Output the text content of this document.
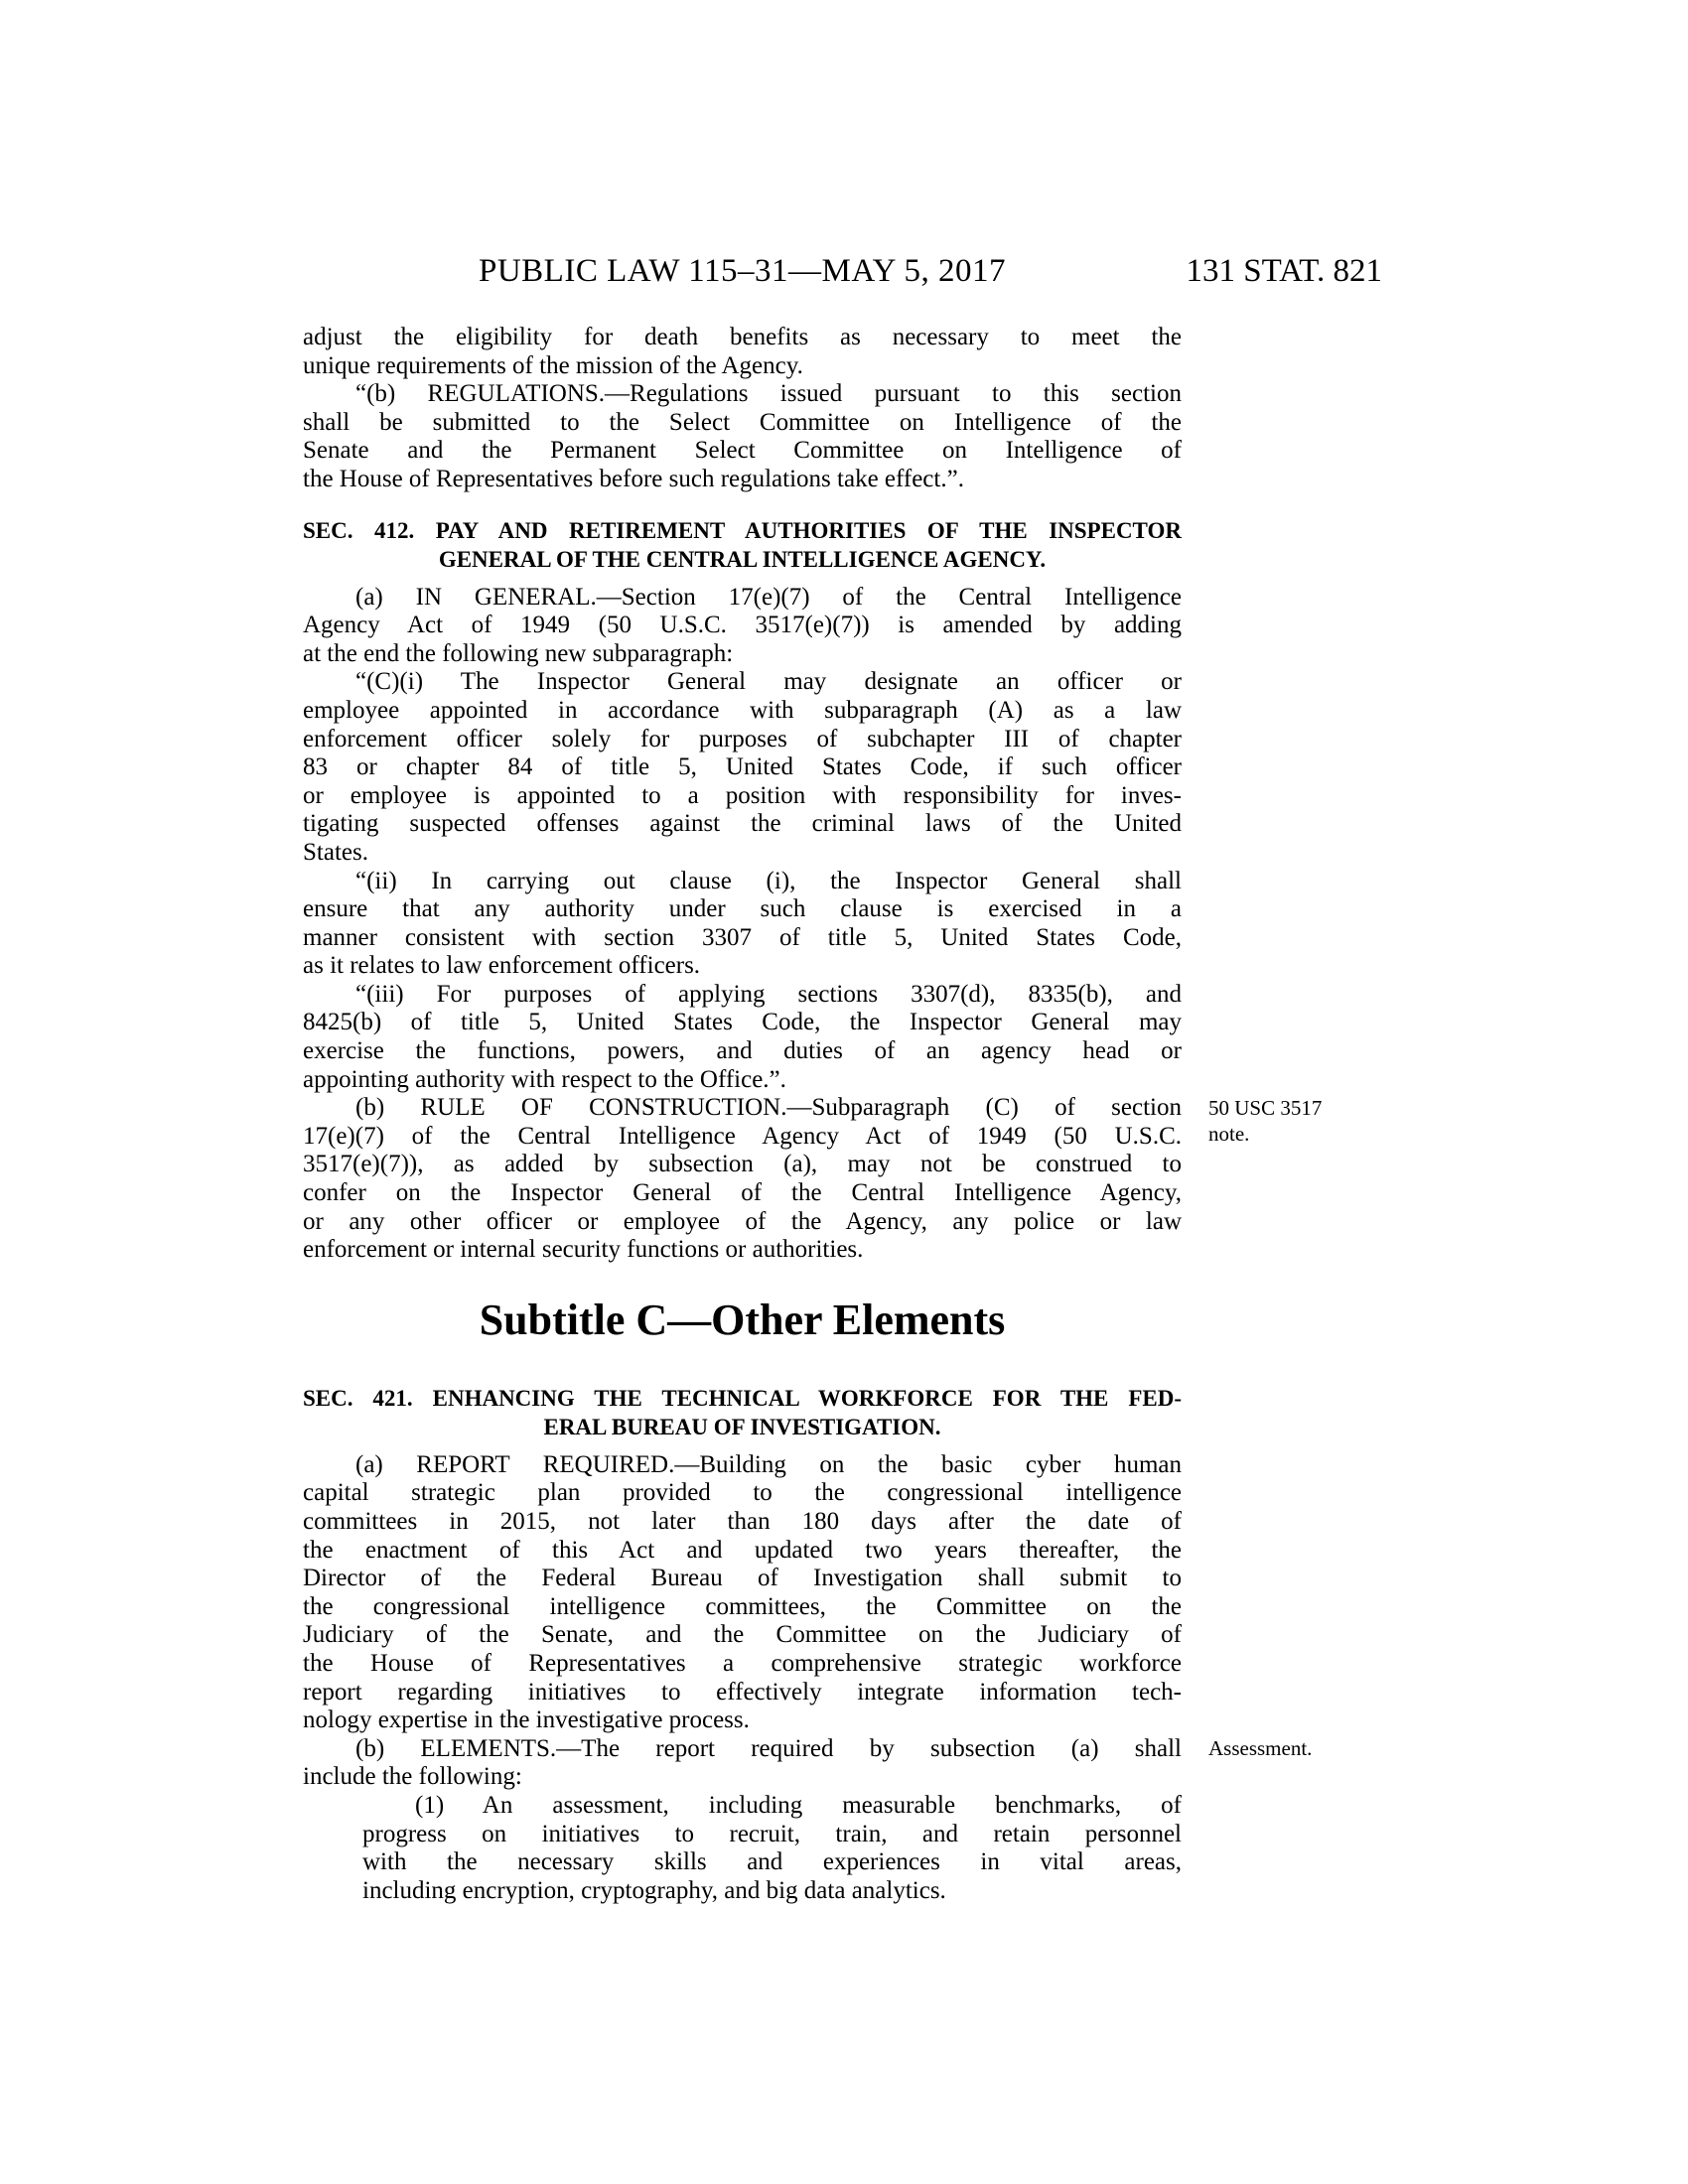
PUBLIC LAW 115–31—MAY 5, 2017	131 STAT. 821
adjust the eligibility for death benefits as necessary to meet the
unique requirements of the mission of the Agency.
“(b) REGULATIONS.—Regulations issued pursuant to this section
shall be submitted to the Select Committee on Intelligence of the
Senate and the Permanent Select Committee on Intelligence of
the House of Representatives before such regulations take effect.”.
SEC. 412. PAY AND RETIREMENT AUTHORITIES OF THE INSPECTOR
GENERAL OF THE CENTRAL INTELLIGENCE AGENCY.
(a) IN GENERAL.—Section 17(e)(7) of the Central Intelligence
Agency Act of 1949 (50 U.S.C. 3517(e)(7)) is amended by adding
at the end the following new subparagraph:
“(C)(i) The Inspector General may designate an officer or
employee appointed in accordance with subparagraph (A) as a law
enforcement officer solely for purposes of subchapter III of chapter
83 or chapter 84 of title 5, United States Code, if such officer
or employee is appointed to a position with responsibility for inves-
tigating suspected offenses against the criminal laws of the United
States.
“(ii) In carrying out clause (i), the Inspector General shall
ensure that any authority under such clause is exercised in a
manner consistent with section 3307 of title 5, United States Code,
as it relates to law enforcement officers.
“(iii) For purposes of applying sections 3307(d), 8335(b), and
8425(b) of title 5, United States Code, the Inspector General may
exercise the functions, powers, and duties of an agency head or
appointing authority with respect to the Office.”.
(b) RULE OF CONSTRUCTION.—Subparagraph (C) of section
17(e)(7) of the Central Intelligence Agency Act of 1949 (50 U.S.C.
3517(e)(7)), as added by subsection (a), may not be construed to
confer on the Inspector General of the Central Intelligence Agency,
or any other officer or employee of the Agency, any police or law
enforcement or internal security functions or authorities.
Subtitle C—Other Elements
SEC. 421. ENHANCING THE TECHNICAL WORKFORCE FOR THE FED-
ERAL BUREAU OF INVESTIGATION.
(a) REPORT REQUIRED.—Building on the basic cyber human
capital strategic plan provided to the congressional intelligence
committees in 2015, not later than 180 days after the date of
the enactment of this Act and updated two years thereafter, the
Director of the Federal Bureau of Investigation shall submit to
the congressional intelligence committees, the Committee on the
Judiciary of the Senate, and the Committee on the Judiciary of
the House of Representatives a comprehensive strategic workforce
report regarding initiatives to effectively integrate information tech-
nology expertise in the investigative process.
(b) ELEMENTS.—The report required by subsection (a) shall
include the following:
(1) An assessment, including measurable benchmarks, of
progress on initiatives to recruit, train, and retain personnel
with the necessary skills and experiences in vital areas,
including encryption, cryptography, and big data analytics.
50 USC 3517
note.
Assessment.
